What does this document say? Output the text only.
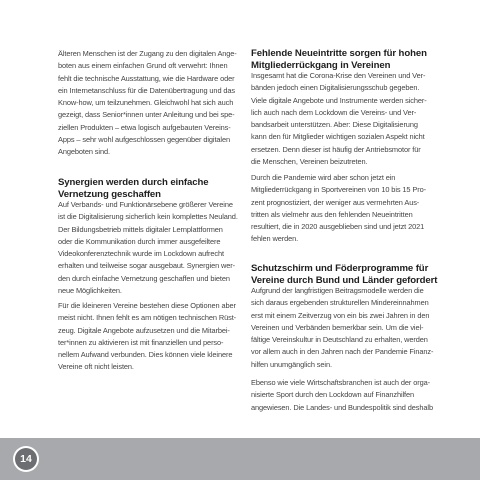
Älteren Menschen ist der Zugang zu den digitalen Ange-
boten aus einem einfachen Grund oft verwehrt: Ihnen
fehlt die technische Ausstattung, wie die Hardware oder
ein Internetanschluss für die Datenübertragung und das
Know-how, um teilzunehmen. Gleichwohl hat sich auch
gezeigt, dass Senior*innen unter Anleitung und bei spe-
ziellen Produkten – etwa logisch aufgebauten Vereins-
Apps – sehr wohl aufgeschlossen gegenüber digitalen
Angeboten sind.

Synergien werden durch einfache
Vernetzung geschaffen

Auf Verbands- und Funktionärsebene größerer Vereine
ist die Digitalisierung sicherlich kein komplettes Neuland.
Der Bildungsbetrieb mittels digitaler Lernplattformen
oder die Kommunikation durch immer ausgefeiltere
Videokonferenztechnik wurde im Lockdown aufrecht
erhalten und teilweise sogar ausgebaut. Synergien wer-
den durch einfache Vernetzung geschaffen und bieten
neue Möglichkeiten.

Für die kleineren Vereine bestehen diese Optionen aber
meist nicht. Ihnen fehlt es am nötigen technischen Rüst-
zeug. Digitale Angebote aufzusetzen und die Mitarbei-
ter*innen zu aktivieren ist mit finanziellen und perso-
nellem Aufwand verbunden. Dies können viele kleinere
Vereine oft nicht leisten.

Fehlende Neueintritte sorgen für hohen
Mitgliederrückgang in Vereinen

Insgesamt hat die Corona-Krise den Vereinen und Ver-
bänden jedoch einen Digitalisierungsschub gegeben.
Viele digitale Angebote und Instrumente werden sicher-
lich auch nach dem Lockdown die Vereins- und Ver-
bandsarbeit unterstützen. Aber: Diese Digitalisierung
kann den für Mitglieder wichtigen sozialen Aspekt nicht
ersetzen. Denn dieser ist häufig der Antriebsmotor für
die Menschen, Vereinen beizutreten.

Durch die Pandemie wird aber schon jetzt ein
Mitgliederrückgang in Sportvereinen von 10 bis 15 Pro-
zent prognostiziert, der weniger aus vermehrten Aus-
tritten als vielmehr aus den fehlenden Neueintritten
resultiert, die in 2020 ausgeblieben sind und jetzt 2021
fehlen werden.

Schutzschirm und Föderprogramme für
Vereine durch Bund und Länder gefordert

Aufgrund der langfristigen Beitragsmodelle werden die
sich daraus ergebenden strukturellen Mindereinnahmen
erst mit einem Zeitverzug von ein bis zwei Jahren in den
Vereinen und Verbänden bemerkbar sein. Um die viel-
fältige Vereinskultur in Deutschland zu erhalten, werden
vor allem auch in den Jahren nach der Pandemie Finanz-
hilfen unumgänglich sein.

Ebenso wie viele Wirtschaftsbranchen ist auch der orga-
nisierte Sport durch den Lockdown auf Finanzhilfen
angewiesen. Die Landes- und Bundespolitik sind deshalb

14
